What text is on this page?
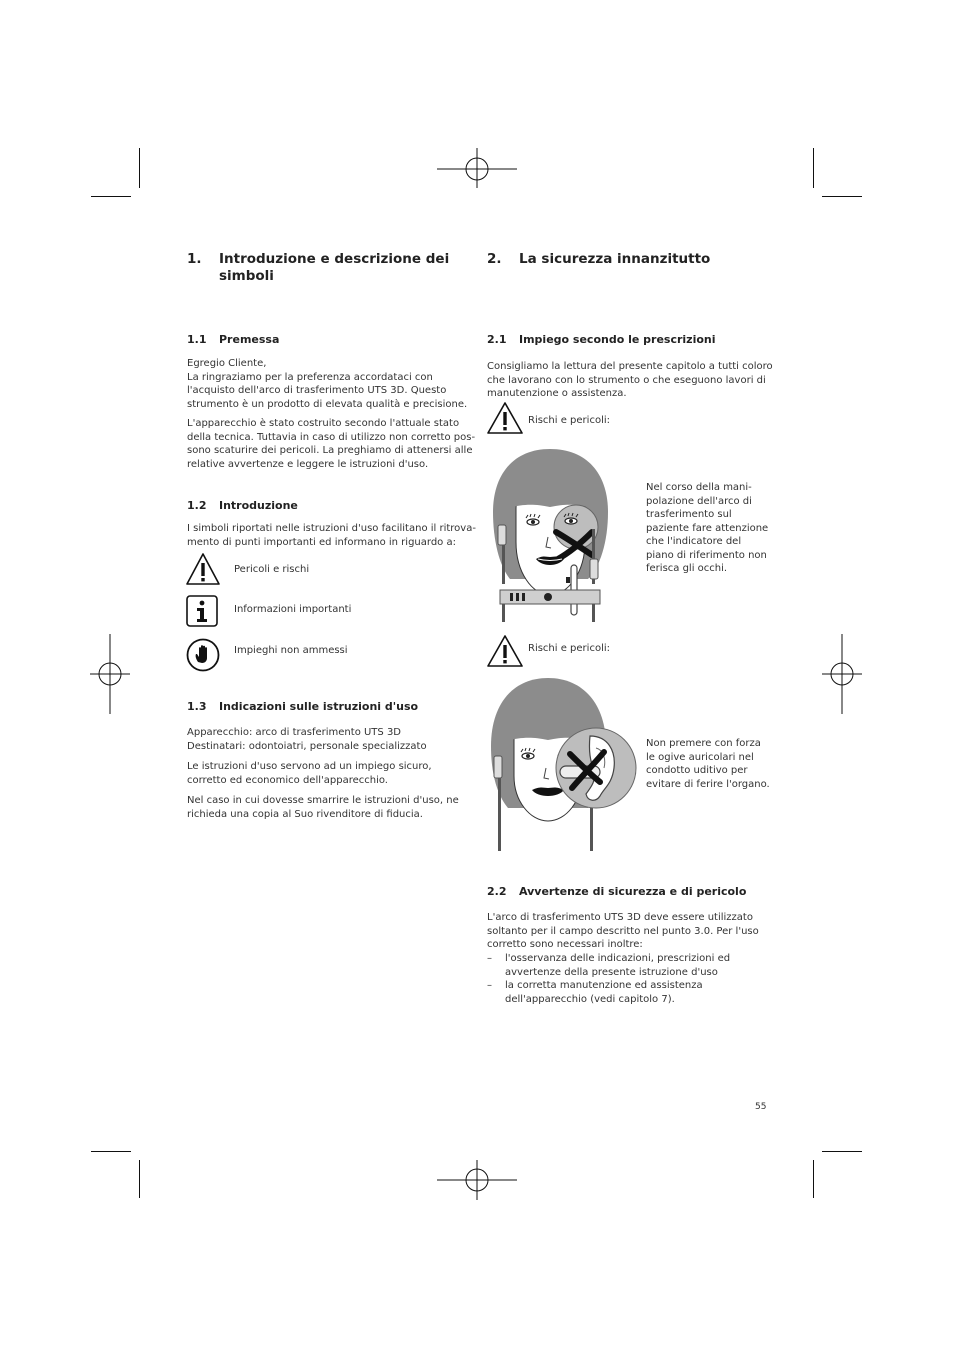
1. Introduzione e descrizione dei
simboli
1.1 Premessa
Egregio Cliente,
La ringraziamo per la preferenza accordataci con
l'acquisto dell'arco di trasferimento UTS 3D. Questo
strumento è un prodotto di elevata qualità e precisione.
L'apparecchio è stato costruito secondo l'attuale stato
della tecnica. Tuttavia in caso di utilizzo non corretto pos-
sono scaturire dei pericoli. La preghiamo di attenersi alle
relative avvertenze e leggere le istruzioni d'uso.
1.2 Introduzione
I simboli riportati nelle istruzioni d'uso facilitano il ritrova-
mento di punti importanti ed informano in riguardo a:
Pericoli e rischi
Informazioni importanti
Impieghi non ammessi
1.3 Indicazioni sulle istruzioni d'uso
Apparecchio: arco di trasferimento UTS 3D
Destinatari: odontoiatri, personale specializzato
Le istruzioni d'uso servono ad un impiego sicuro,
corretto ed economico dell'apparecchio.
Nel caso in cui dovesse smarrire le istruzioni d'uso, ne
richieda una copia al Suo rivenditore di fiducia.
2. La sicurezza innanzitutto
2.1 Impiego secondo le prescrizioni
Consigliamo la lettura del presente capitolo a tutti coloro
che lavorano con lo strumento o che eseguono lavori di
manutenzione o assistenza.
Rischi e pericoli:
Nel corso della mani-
polazione dell'arco di
trasferimento sul
paziente fare attenzione
che l'indicatore del
piano di riferimento non
ferisca gli occhi.
Rischi e pericoli:
Non premere con forza
le ogive auricolari nel
condotto uditivo per
evitare di ferire l'organo.
2.2 Avvertenze di sicurezza e di pericolo
L'arco di trasferimento UTS 3D deve essere utilizzato
soltanto per il campo descritto nel punto 3.0. Per l'uso
corretto sono necessari inoltre:
– l'osservanza delle indicazioni, prescrizioni ed
avvertenze della presente istruzione d'uso
– la corretta manutenzione ed assistenza
dell'apparecchio (vedi capitolo 7).
55
